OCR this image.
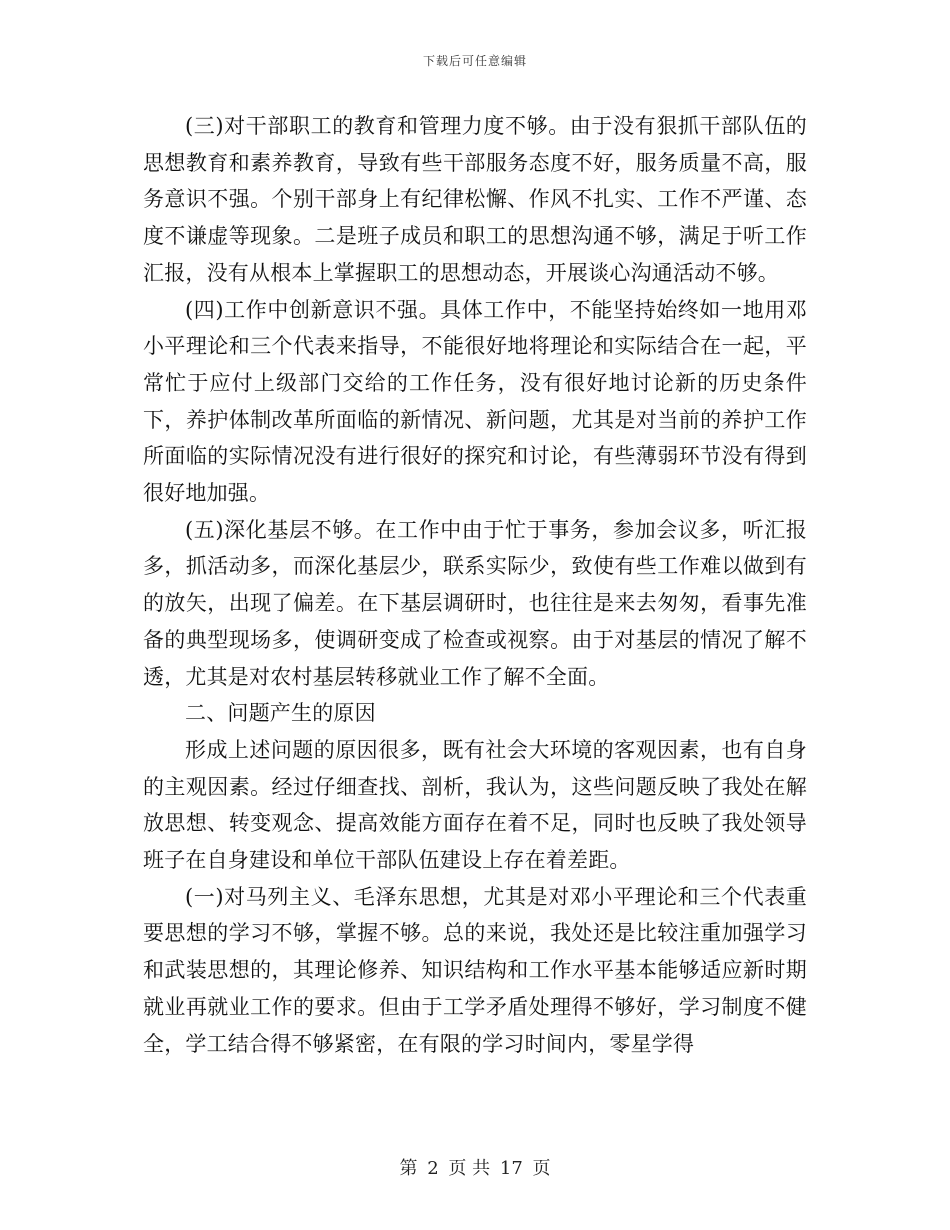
下载后可任意编辑

(三)对干部职工的教育和管理力度不够。由于没有狠抓干部队伍的思想教育和素养教育，导致有些干部服务态度不好，服务质量不高，服务意识不强。个别干部身上有纪律松懈、作风不扎实、工作不严谨、态度不谦虚等现象。二是班子成员和职工的思想沟通不够，满足于听工作汇报，没有从根本上掌握职工的思想动态，开展谈心沟通活动不够。

(四)工作中创新意识不强。具体工作中，不能坚持始终如一地用邓小平理论和三个代表来指导，不能很好地将理论和实际结合在一起，平常忙于应付上级部门交给的工作任务，没有很好地讨论新的历史条件下，养护体制改革所面临的新情况、新问题，尤其是对当前的养护工作所面临的实际情况没有进行很好的探究和讨论，有些薄弱环节没有得到很好地加强。

(五)深化基层不够。在工作中由于忙于事务，参加会议多，听汇报多，抓活动多，而深化基层少，联系实际少，致使有些工作难以做到有的放矢，出现了偏差。在下基层调研时，也往往是来去匆匆，看事先准备的典型现场多，使调研变成了检查或视察。由于对基层的情况了解不透，尤其是对农村基层转移就业工作了解不全面。

二、问题产生的原因

形成上述问题的原因很多，既有社会大环境的客观因素，也有自身的主观因素。经过仔细查找、剖析，我认为，这些问题反映了我处在解放思想、转变观念、提高效能方面存在着不足，同时也反映了我处领导班子在自身建设和单位干部队伍建设上存在着差距。

(一)对马列主义、毛泽东思想，尤其是对邓小平理论和三个代表重要思想的学习不够，掌握不够。总的来说，我处还是比较注重加强学习和武装思想的，其理论修养、知识结构和工作水平基本能够适应新时期就业再就业工作的要求。但由于工学矛盾处理得不够好，学习制度不健全，学工结合得不够紧密，在有限的学习时间内，零星学得

第 2 页 共 17 页
